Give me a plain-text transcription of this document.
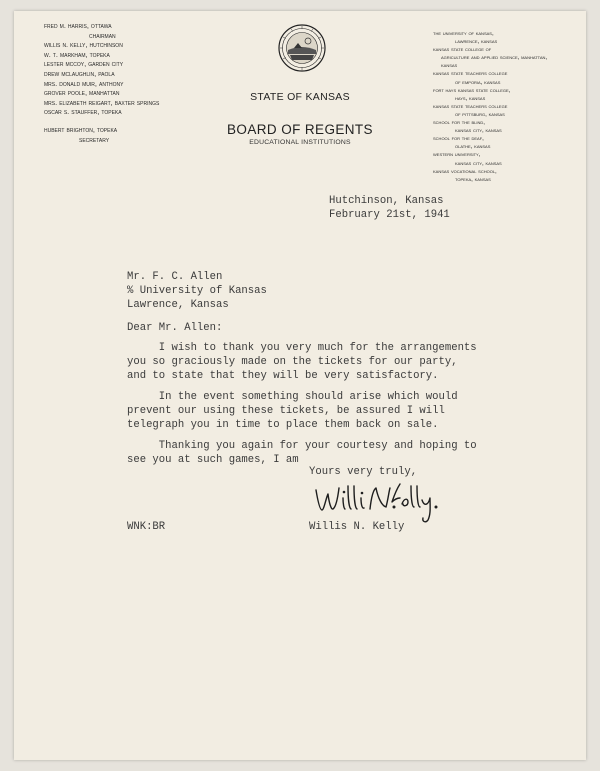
fred m. harris, ottawa
chairman
willis n. kelly, hutchinson
w. t. markham, topeka
lester mccoy, garden city
drew mclaughlin, paola
mrs. donald muir, anthony
grover poole, manhattan
mrs. elizabeth reigart, baxter springs
oscar s. stauffer, topeka
hubert brighton, topeka
secretary
STATE OF KANSAS
BOARD OF REGENTS
EDUCATIONAL INSTITUTIONS
the university of kansas,
lawrence, kansas
kansas state college of
agriculture and applied science, manhattan, kansas
kansas state teachers college
of emporia, kansas
fort hays kansas state college,
hays, kansas
kansas state teachers college
of pittsburg, kansas
school for the blind,
kansas city, kansas
school for the deaf,
olathe, kansas
western university,
kansas city, kansas
kansas vocational school,
topeka, kansas
Hutchinson, Kansas
February 21st, 1941
Mr. F. C. Allen
% University of Kansas
Lawrence, Kansas
Dear Mr. Allen:
I wish to thank you very much for the arrangements
you so graciously made on the tickets for our party,
and to state that they will be very satisfactory.
In the event something should arise which would
prevent our using these tickets, be assured I will
telegraph you in time to place them back on sale.
Thanking you again for your courtesy and hoping to
see you at such games, I am
Yours very truly,
Willis N. Kelly
WNK:BR
